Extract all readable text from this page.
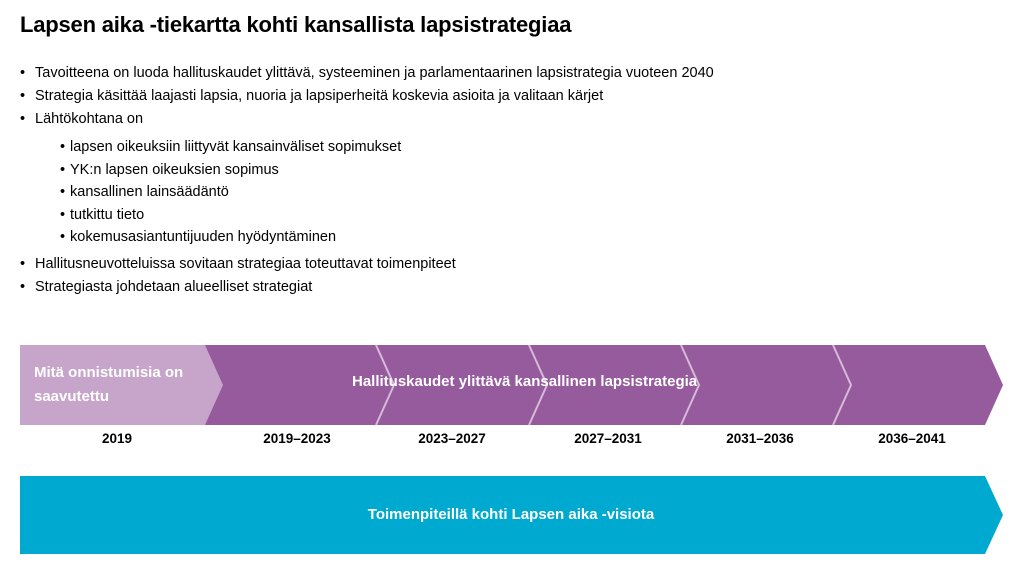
Lapsen aika -tiekartta kohti kansallista lapsistrategiaa
• Tavoitteena on luoda hallituskaudet ylittävä, systeeminen ja parlamentaarinen lapsistrategia vuoteen 2040
• Strategia käsittää laajasti lapsia, nuoria ja lapsiperheitä koskevia asioita ja valitaan kärjet
• Lähtökohtana on
• lapsen oikeuksiin liittyvät kansainväliset sopimukset
• YK:n lapsen oikeuksien sopimus
• kansallinen lainsäädäntö
• tutkittu tieto
• kokemusasiantuntijuuden hyödyntäminen
• Hallitusneuvotteluissa sovitaan strategiaa toteuttavat toimenpiteet
• Strategiasta johdetaan alueelliset strategiat
Mitä onnistumisia on saavutettu
Hallituskaudet ylittävä kansallinen lapsistrategia
2019	2019–2023	2023–2027	2027–2031	2031–2036	2036–2041
Toimenpiteillä kohti Lapsen aika -visiota
